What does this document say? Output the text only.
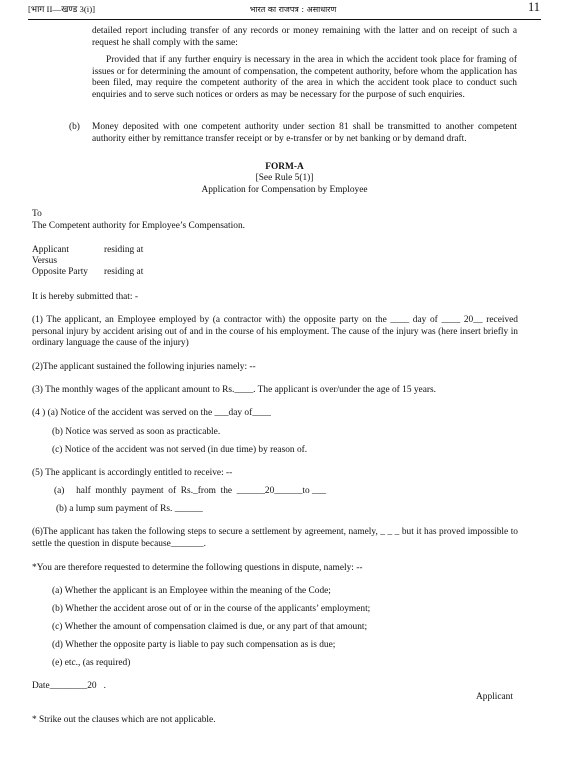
[भाग II—खण्ड 3(i)]	भारत का राजपत्र : असाधारण	11
detailed report including transfer of any records or money remaining with the latter and on receipt of such a request he shall comply with the same:
Provided that if any further enquiry is necessary in the area in which the accident took place for framing of issues or for determining the amount of compensation, the competent authority, before whom the application has been filed, may require the competent authority of the area in which the accident took place to conduct such enquiries and to serve such notices or orders as may be necessary for the purpose of such enquiries.
(b) Money deposited with one competent authority under section 81 shall be transmitted to another competent authority either by remittance transfer receipt or by e-transfer or by net banking or by demand draft.
FORM-A
[See Rule 5(1)]
Application for Compensation by Employee
To
The Competent authority for Employee’s Compensation.
Applicant	residing at
Versus
Opposite Party residing at
It is hereby submitted that: -
(1) The applicant, an Employee employed by (a contractor with) the opposite party on the ____ day of ____ 20__ received personal injury by accident arising out of and in the course of his employment. The cause of the injury was (here insert briefly in ordinary language the cause of the injury)
(2)The applicant sustained the following injuries namely: --
(3) The monthly wages of the applicant amount to Rs.____. The applicant is over/under the age of 15 years.
(4 ) (a) Notice of the accident was served on the ___day of____
(b) Notice was served as soon as practicable.
(c) Notice of the accident was not served (in due time) by reason of.
(5) The applicant is accordingly entitled to receive: --
(a)     half  monthly  payment  of  Rs._from  the  ______20______to ___
(b) a lump sum payment of Rs. ______
(6)The applicant has taken the following steps to secure a settlement by agreement, namely, _ _ _ but it has proved impossible to settle the question in dispute because_______.
*You are therefore requested to determine the following questions in dispute, namely: --
(a) Whether the applicant is an Employee within the meaning of the Code;
(b) Whether the accident arose out of or in the course of the applicants’ employment;
(c) Whether the amount of compensation claimed is due, or any part of that amount;
(d) Whether the opposite party is liable to pay such compensation as is due;
(e) etc., (as required)
Date________20   .
Applicant
* Strike out the clauses which are not applicable.
